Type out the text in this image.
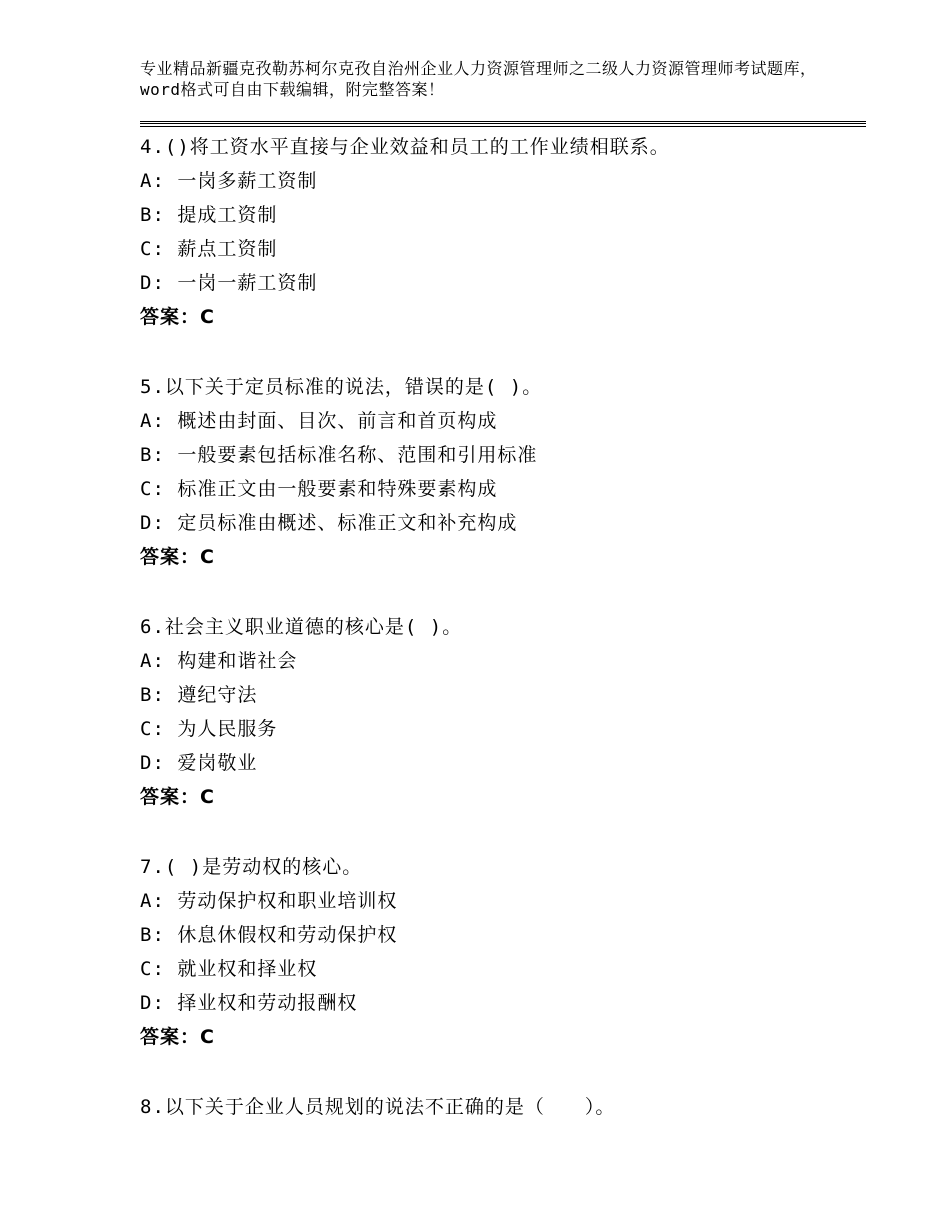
专业精品新疆克孜勒苏柯尔克孜自治州企业人力资源管理师之二级人力资源管理师考试题库，word格式可自由下载编辑，附完整答案！
4.()将工资水平直接与企业效益和员工的工作业绩相联系。
A: 一岗多薪工资制
B: 提成工资制
C: 薪点工资制
D: 一岗一薪工资制
答案：C
5.以下关于定员标准的说法，错误的是( )。
A: 概述由封面、目次、前言和首页构成
B: 一般要素包括标准名称、范围和引用标准
C: 标准正文由一般要素和特殊要素构成
D: 定员标准由概述、标准正文和补充构成
答案：C
6.社会主义职业道德的核心是( )。
A: 构建和谐社会
B: 遵纪守法
C: 为人民服务
D: 爱岗敬业
答案：C
7.( )是劳动权的核心。
A: 劳动保护权和职业培训权
B: 休息休假权和劳动保护权
C: 就业权和择业权
D: 择业权和劳动报酬权
答案：C
8.以下关于企业人员规划的说法不正确的是（　　）。
